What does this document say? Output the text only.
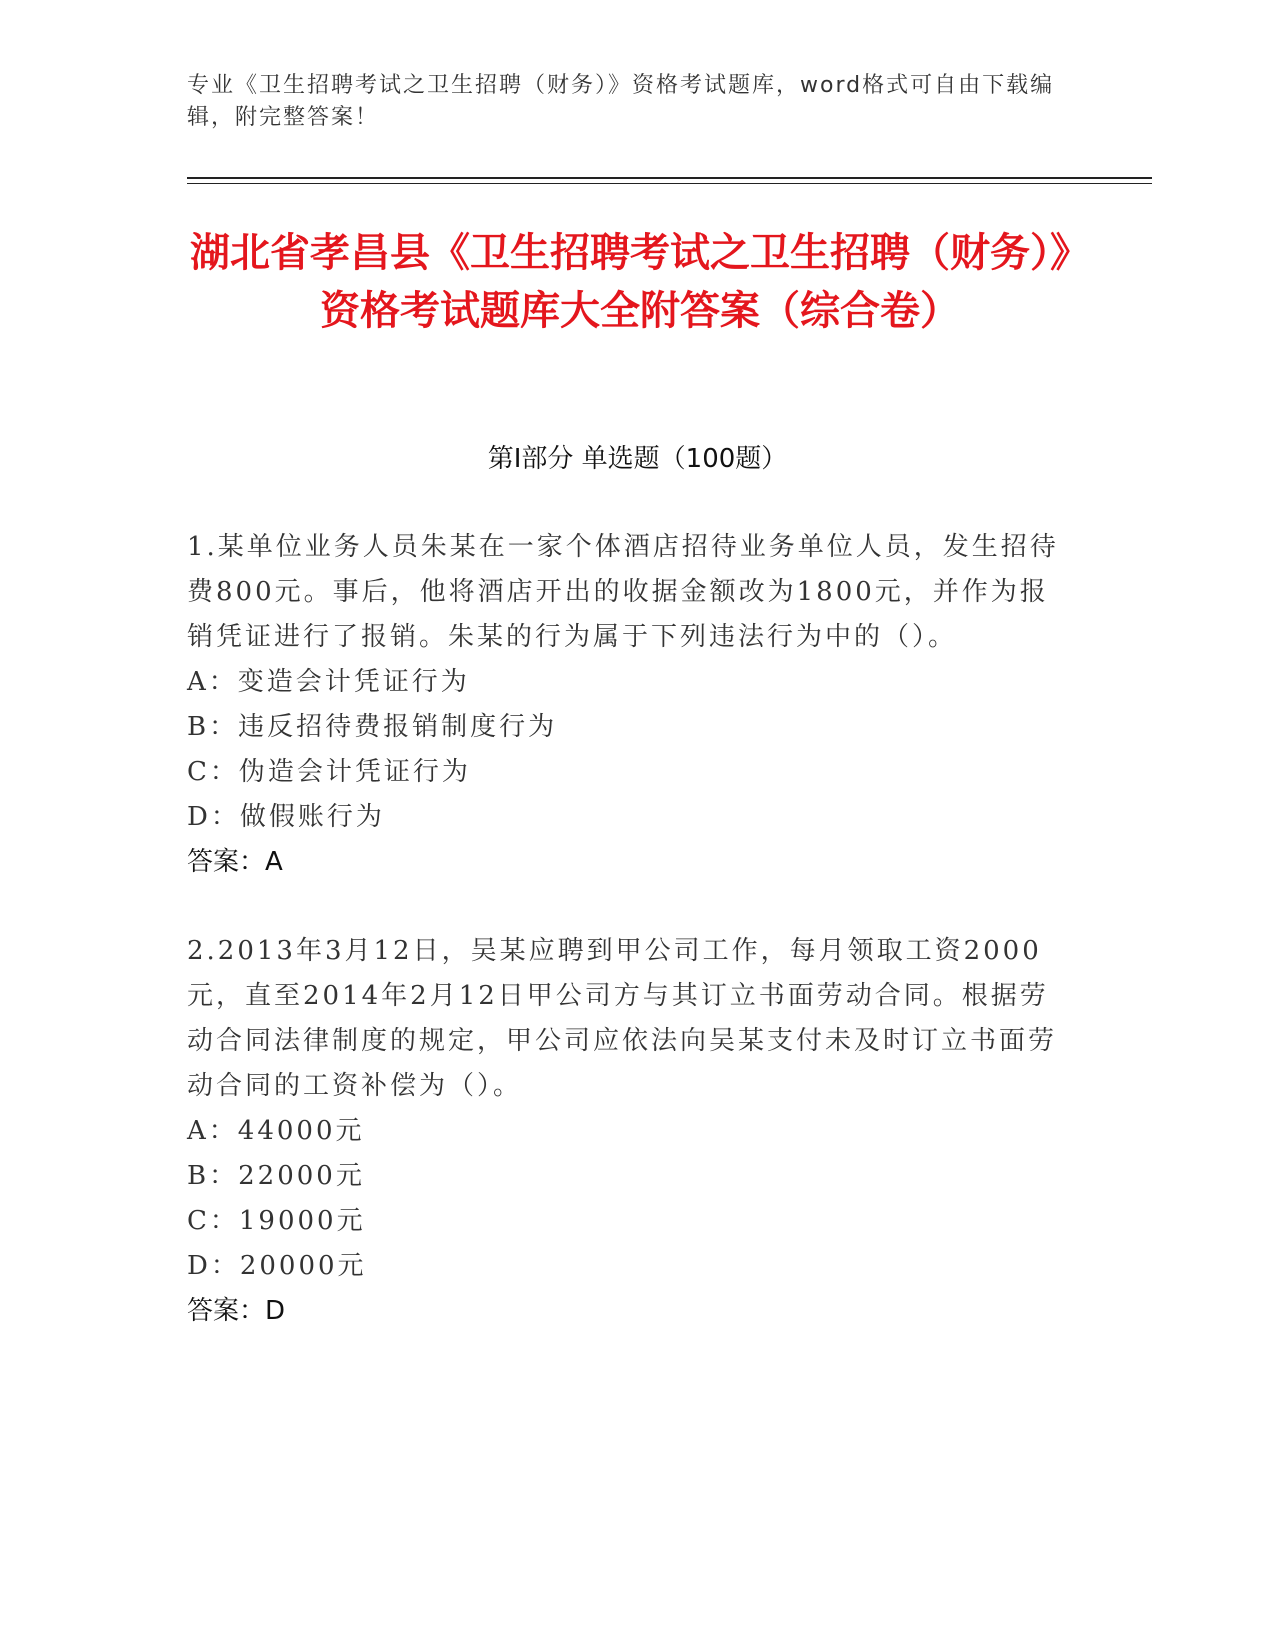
专业《卫生招聘考试之卫生招聘（财务）》资格考试题库，word格式可自由下载编辑，附完整答案！
湖北省孝昌县《卫生招聘考试之卫生招聘（财务）》资格考试题库大全附答案（综合卷）
第Ⅰ部分 单选题（100题）
1.某单位业务人员朱某在一家个体酒店招待业务单位人员，发生招待费800元。事后，他将酒店开出的收据金额改为1800元，并作为报销凭证进行了报销。朱某的行为属于下列违法行为中的（）。
A：变造会计凭证行为
B：违反招待费报销制度行为
C：伪造会计凭证行为
D：做假账行为
答案：A
2.2013年3月12日，吴某应聘到甲公司工作，每月领取工资2000元，直至2014年2月12日甲公司方与其订立书面劳动合同。根据劳动合同法律制度的规定，甲公司应依法向吴某支付未及时订立书面劳动合同的工资补偿为（）。
A：44000元
B：22000元
C：19000元
D：20000元
答案：D
